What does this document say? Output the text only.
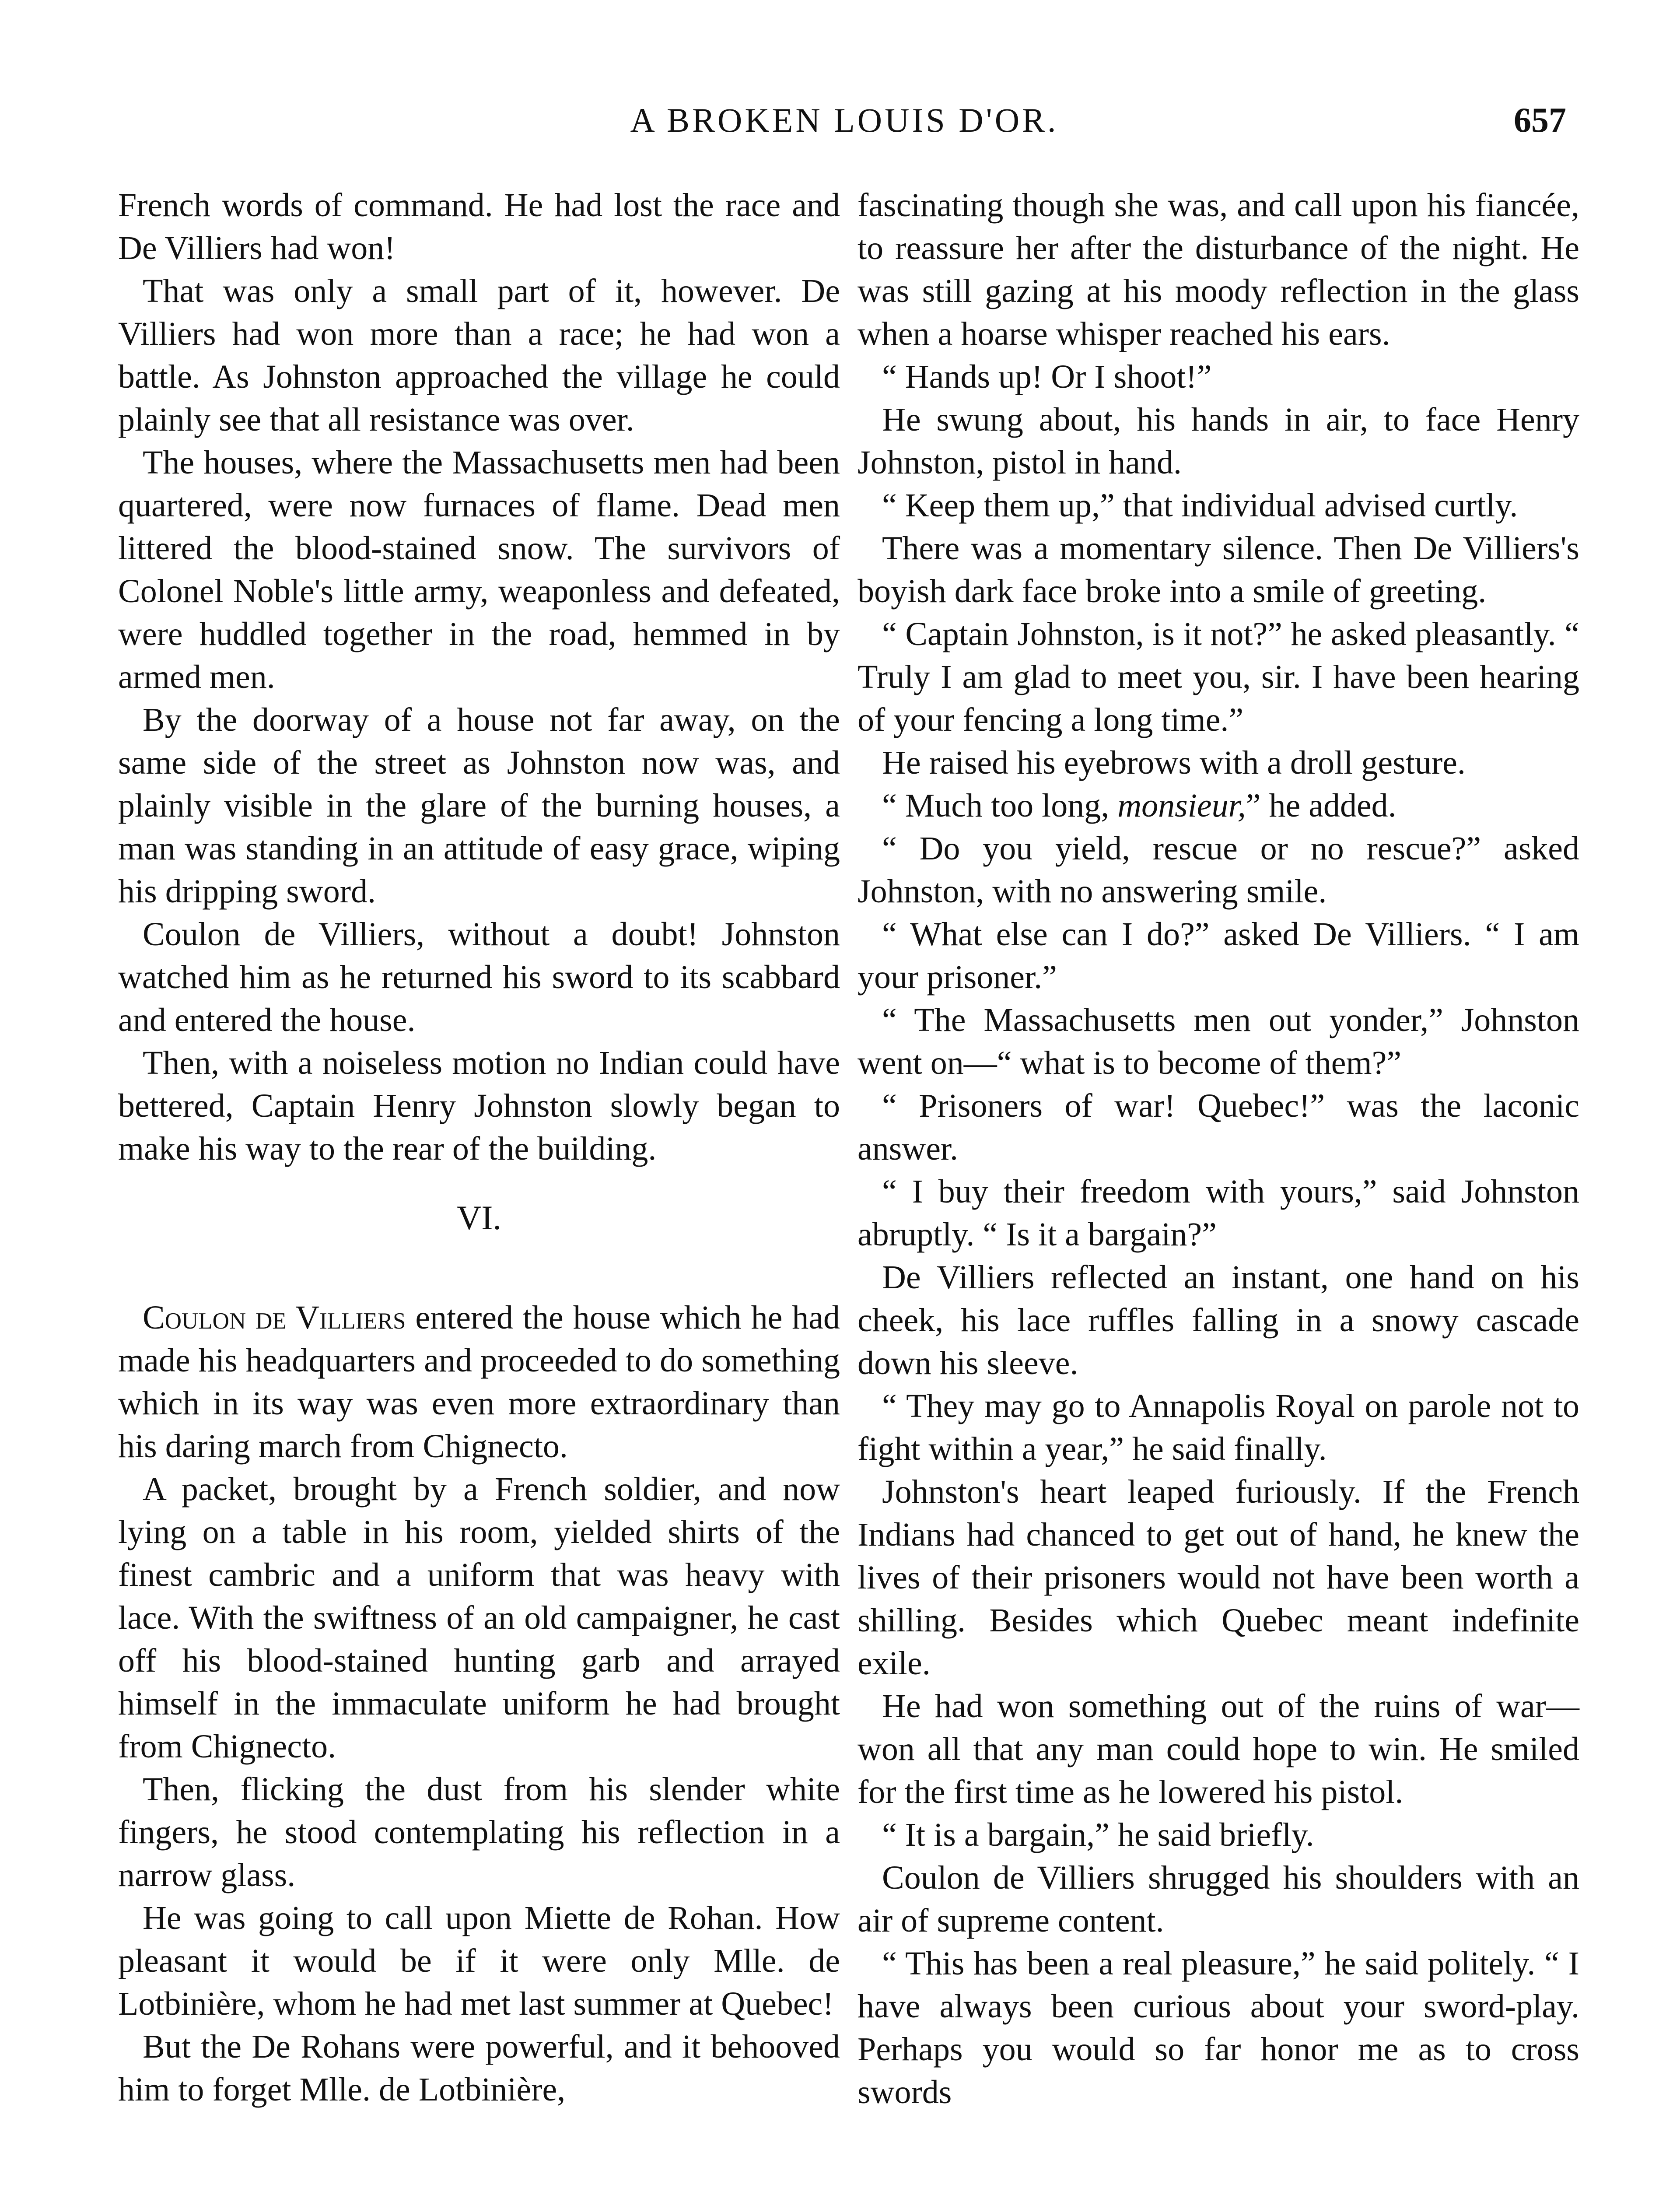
A BROKEN LOUIS D'OR.	657

French words of command. He had lost the race and De Villiers had won!

That was only a small part of it, however. De Villiers had won more than a race; he had won a battle. As Johnston approached the village he could plainly see that all resistance was over.

The houses, where the Massachusetts men had been quartered, were now furnaces of flame. Dead men littered the blood-stained snow. The survivors of Colonel Noble's little army, weaponless and defeated, were huddled together in the road, hemmed in by armed men.

By the doorway of a house not far away, on the same side of the street as Johnston now was, and plainly visible in the glare of the burning houses, a man was standing in an attitude of easy grace, wiping his dripping sword.

Coulon de Villiers, without a doubt! Johnston watched him as he returned his sword to its scabbard and entered the house.

Then, with a noiseless motion no Indian could have bettered, Captain Henry Johnston slowly began to make his way to the rear of the building.

VI.

Coulon de Villiers entered the house which he had made his headquarters and proceeded to do something which in its way was even more extraordinary than his daring march from Chignecto.

A packet, brought by a French soldier, and now lying on a table in his room, yielded shirts of the finest cambric and a uniform that was heavy with lace. With the swiftness of an old campaigner, he cast off his blood-stained hunting garb and arrayed himself in the immaculate uniform he had brought from Chignecto.

Then, flicking the dust from his slender white fingers, he stood contemplating his reflection in a narrow glass.

He was going to call upon Miette de Rohan. How pleasant it would be if it were only Mlle. de Lotbinière, whom he had met last summer at Quebec!

But the De Rohans were powerful, and it behooved him to forget Mlle. de Lotbinière,

fascinating though she was, and call upon his fiancée, to reassure her after the disturbance of the night. He was still gazing at his moody reflection in the glass when a hoarse whisper reached his ears.

“ Hands up! Or I shoot!”

He swung about, his hands in air, to face Henry Johnston, pistol in hand.

“ Keep them up,” that individual advised curtly.

There was a momentary silence. Then De Villiers's boyish dark face broke into a smile of greeting.

“ Captain Johnston, is it not?” he asked pleasantly. “ Truly I am glad to meet you, sir. I have been hearing of your fencing a long time.”

He raised his eyebrows with a droll gesture.

“ Much too long, monsieur,” he added.

“ Do you yield, rescue or no rescue?” asked Johnston, with no answering smile.

“ What else can I do?” asked De Villiers. “ I am your prisoner.”

“ The Massachusetts men out yonder,” Johnston went on—“ what is to become of them?”

“ Prisoners of war! Quebec!” was the laconic answer.

“ I buy their freedom with yours,” said Johnston abruptly. “ Is it a bargain?”

De Villiers reflected an instant, one hand on his cheek, his lace ruffles falling in a snowy cascade down his sleeve.

“ They may go to Annapolis Royal on parole not to fight within a year,” he said finally.

Johnston's heart leaped furiously. If the French Indians had chanced to get out of hand, he knew the lives of their prisoners would not have been worth a shilling. Besides which Quebec meant indefinite exile.

He had won something out of the ruins of war—won all that any man could hope to win. He smiled for the first time as he lowered his pistol.

“ It is a bargain,” he said briefly.

Coulon de Villiers shrugged his shoulders with an air of supreme content.

“ This has been a real pleasure,” he said politely. “ I have always been curious about your sword-play. Perhaps you would so far honor me as to cross swords
